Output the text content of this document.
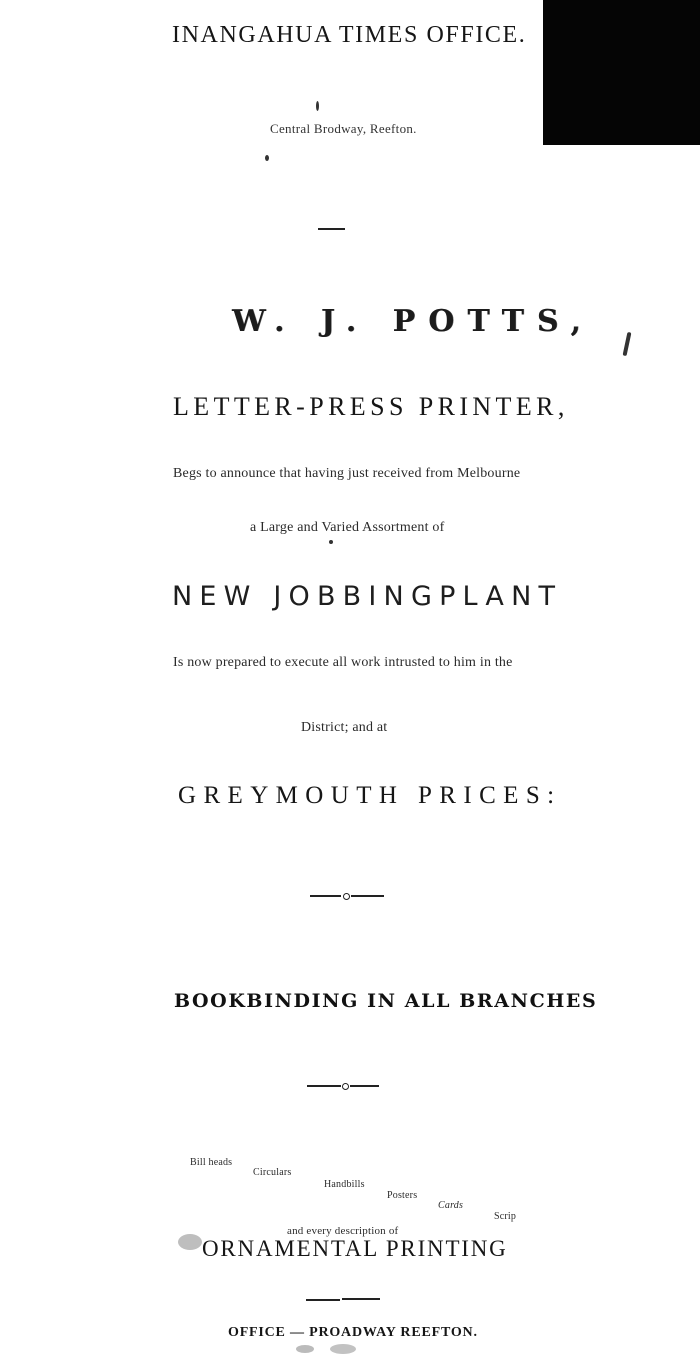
INANGAHUA TIMES OFFICE.
Central Brodway, Reefton.
W. J. POTTS,
LETTER-PRESS PRINTER,
Begs to announce that having just received from Melbourne
a Large and Varied Assortment of
NEW JOBBINGPLANT
Is now prepared to execute all work intrusted to him in the
District; and at
GREYMOUTH PRICES:
BOOKBINDING IN ALL BRANCHES
Bill heads
Circulars
Handbills
Posters
Cards
Scrip
and every description of
ORNAMENTAL PRINTING
OFFICE — PROADWAY REEFTON.
